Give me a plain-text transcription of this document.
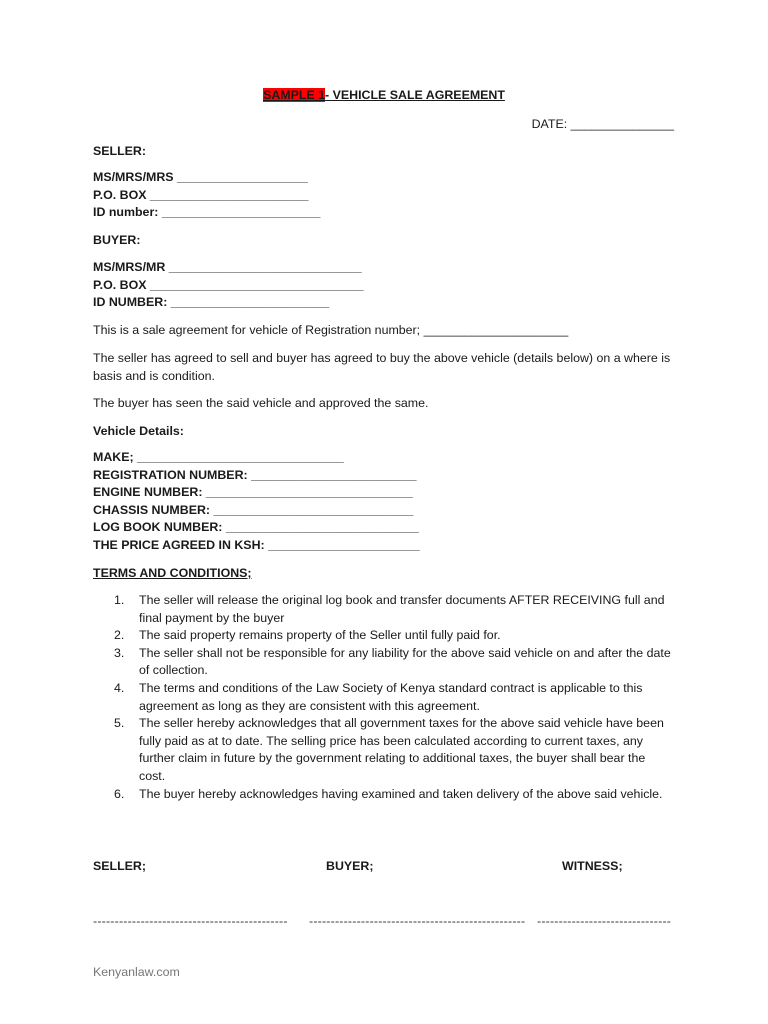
SAMPLE 1- VEHICLE SALE AGREEMENT
DATE: _______________
SELLER:
MS/MRS/MRS ___________________
P.O. BOX _______________________
ID number: _______________________
BUYER:
MS/MRS/MR ____________________________
P.O. BOX _______________________________
ID NUMBER: _______________________
This is a sale agreement for vehicle of Registration number; _____________________
The seller has agreed to sell and buyer has agreed to buy the above vehicle (details below) on a where is basis and is condition.
The buyer has seen the said vehicle and approved the same.
Vehicle Details:
MAKE; ______________________________
REGISTRATION NUMBER: ________________________
ENGINE NUMBER: ______________________________
CHASSIS NUMBER: _____________________________
LOG BOOK NUMBER: ____________________________
THE PRICE AGREED IN KSH: ______________________
TERMS AND CONDITIONS;
1. The seller will release the original log book and transfer documents AFTER RECEIVING full and final payment by the buyer
2. The said property remains property of the Seller until fully paid for.
3. The seller shall not be responsible for any liability for the above said vehicle on and after the date of collection.
4. The terms and conditions of the Law Society of Kenya standard contract is applicable to this agreement as long as they are consistent with this agreement.
5. The seller hereby acknowledges that all government taxes for the above said vehicle have been fully paid as at to date. The selling price has been calculated according to current taxes, any further claim in future by the government relating to additional taxes, the buyer shall bear the cost.
6. The buyer hereby acknowledges having examined and taken delivery of the above said vehicle.
SELLER;	BUYER;	WITNESS;
--------------------------------------------- -------------------------------------------------- -------------------------------
Kenyanlaw.com
